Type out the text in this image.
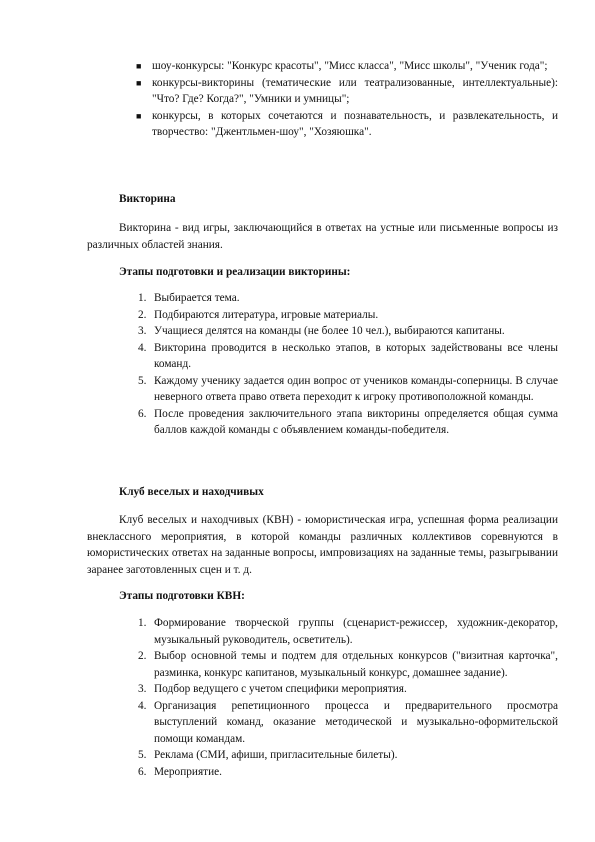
■ шоу-конкурсы: "Конкурс красоты", "Мисс класса", "Мисс школы", "Ученик года";
■ конкурсы-викторины (тематические или театрализованные, интеллектуальные): "Что? Где? Когда?", "Умники и умницы";
■ конкурсы, в которых сочетаются и познавательность, и развлекательность, и творчество: "Джентльмен-шоу", "Хозяюшка".

Викторина

Викторина - вид игры, заключающийся в ответах на устные или письменные вопросы из различных областей знания.

Этапы подготовки и реализации викторины:

1. Выбирается тема.
2. Подбираются литература, игровые материалы.
3. Учащиеся делятся на команды (не более 10 чел.), выбираются капитаны.
4. Викторина проводится в несколько этапов, в которых задействованы все члены команд.
5. Каждому ученику задается один вопрос от учеников команды-соперницы. В случае неверного ответа право ответа переходит к игроку противоположной команды.
6. После проведения заключительного этапа викторины определяется общая сумма баллов каждой команды с объявлением команды-победителя.

Клуб веселых и находчивых

Клуб веселых и находчивых (КВН) - юмористическая игра, успешная форма реализации внеклассного мероприятия, в которой команды различных коллективов соревнуются в юмористических ответах на заданные вопросы, импровизациях на заданные темы, разыгрывании заранее заготовленных сцен и т. д.

Этапы подготовки КВН:

1. Формирование творческой группы (сценарист-режиссер, художник-декоратор, музыкальный руководитель, осветитель).
2. Выбор основной темы и подтем для отдельных конкурсов ("визитная карточка", разминка, конкурс капитанов, музыкальный конкурс, домашнее задание).
3. Подбор ведущего с учетом специфики мероприятия.
4. Организация репетиционного процесса и предварительного просмотра выступлений команд, оказание методической и музыкально-оформительской помощи командам.
5. Реклама (СМИ, афиши, пригласительные билеты).
6. Мероприятие.
